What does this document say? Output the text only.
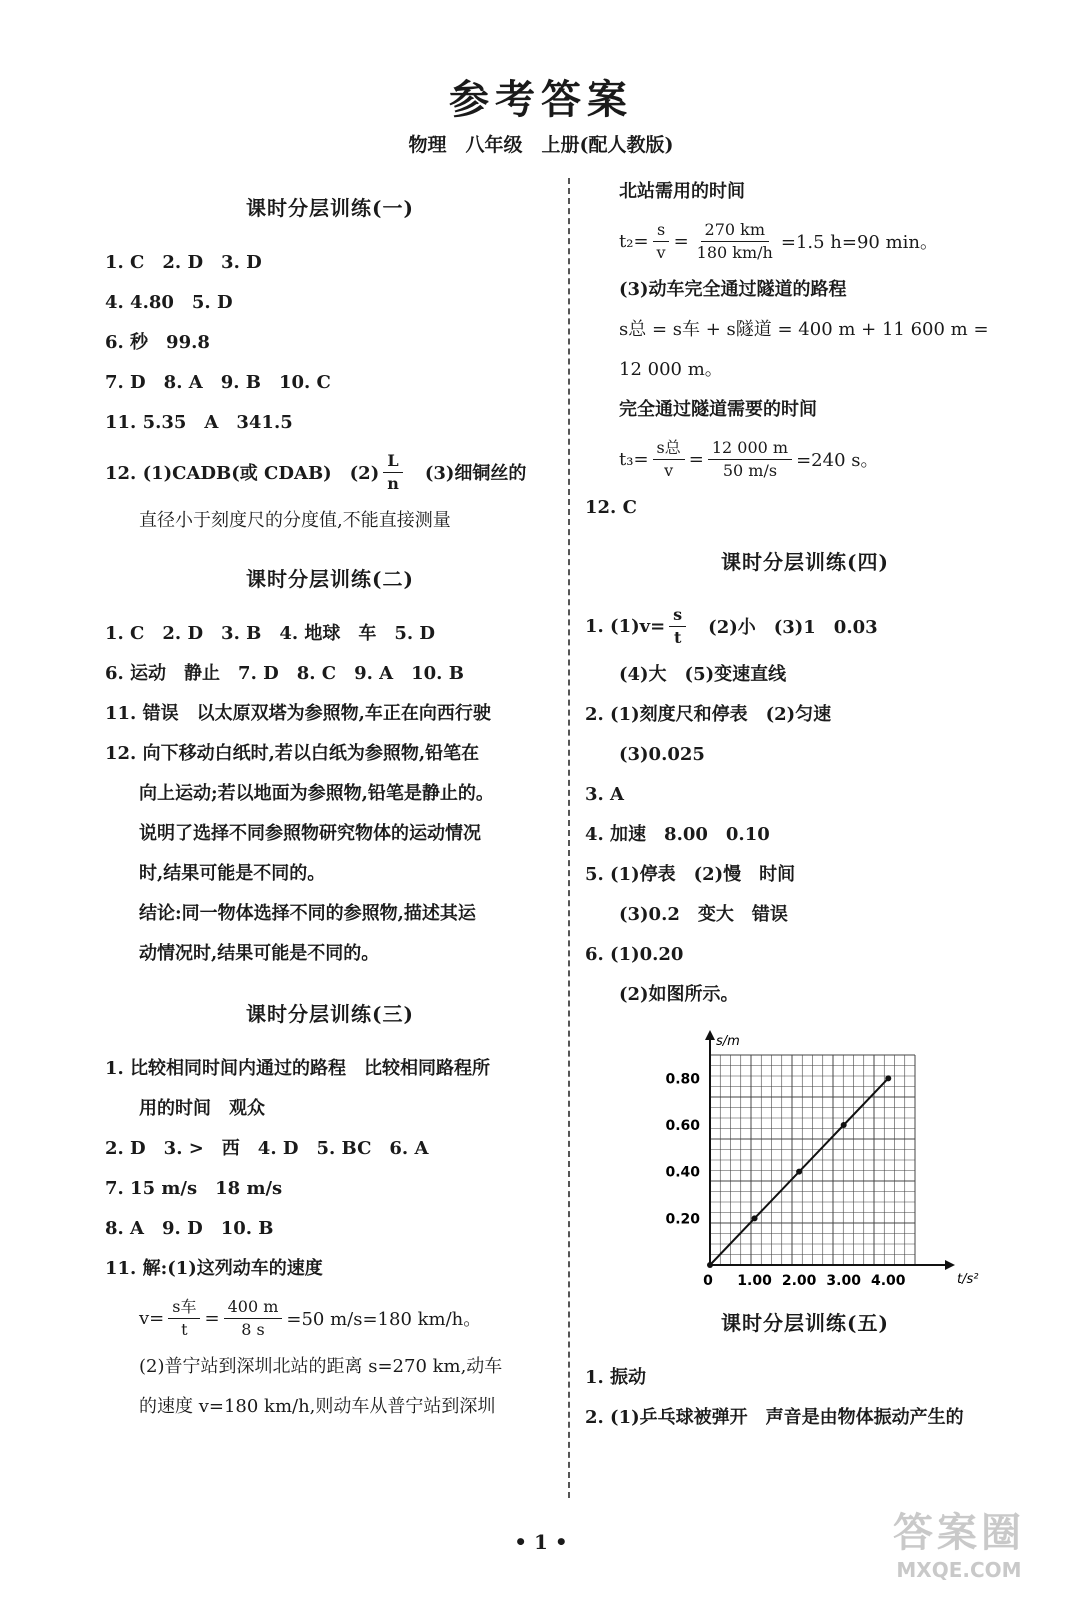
参考答案
物理　八年级　上册(配人教版)
课时分层训练(一)
1. C　2. D　3. D
4. 4.80　5. D
6. 秒　99.8
7. D　8. A　9. B　10. C
11. 5.35　A　341.5
12. (1)CADB(或 CDAB)　$(2) \frac{L}{n}$ 　(3)细铜丝的
直径小于刻度尺的分度值,不能直接测量
课时分层训练(二)
1. C　2. D　3. B　4. 地球　车　5. D
6. 运动　静止　7. D　8. C　9. A　10. B
11. 错误　以太原双塔为参照物,车正在向西行驶
12. 向下移动白纸时,若以白纸为参照物,铅笔在
向上运动;若以地面为参照物,铅笔是静止的。
说明了选择不同参照物研究物体的运动情况
时,结果可能是不同的。
结论:同一物体选择不同的参照物,描述其运
动情况时,结果可能是不同的。
课时分层训练(三)
1. 比较相同时间内通过的路程　比较相同路程所
用的时间　观众
2. D　3. >　西　4. D　5. BC　6. A
7. 15 m/s　18 m/s
8. A　9. D　10. B
11. 解:(1)这列动车的速度
$v= \frac{\text{s车}}{t} = \frac{400 m}{8 s} =50$ m/s=180 km/h。
(2)普宁站到深圳北站的距离 s=270 km,动车
的速度 v=180 km/h,则动车从普宁站到深圳
北站需用的时间
$t_2= \frac{s}{v} = \frac{270 km}{180 km/h} =1.5$ h=90 min。
(3)动车完全通过隧道的路程
s总 = s车 + s隧道 = 400 m + 11 600 m =
12 000 m。
完全通过隧道需要的时间
$t_3= \frac{\text{s总}}{v} = \frac{12 000 m}{50 m/s} =240$ s。
12. C
课时分层训练(四)
1. $(1)v= \frac{s}{t}$ 　(2)小　(3)1　0.03
(4)大　(5)变速直线
2. (1)刻度尺和停表　(2)匀速
(3)0.025
3. A
4. 加速　8.00　0.10
5. (1)停表　(2)慢　时间
(3)0.2　变大　错误
6. (1)0.20
(2)如图所示。
s/m
t/s²
0 1.00 2.00 3.00 4.00
0.20
0.40
0.60
0.80
课时分层训练(五)
1. 振动
2. (1)乒乓球被弹开　声音是由物体振动产生的
• 1 •	答案圈
MXQE.COM
